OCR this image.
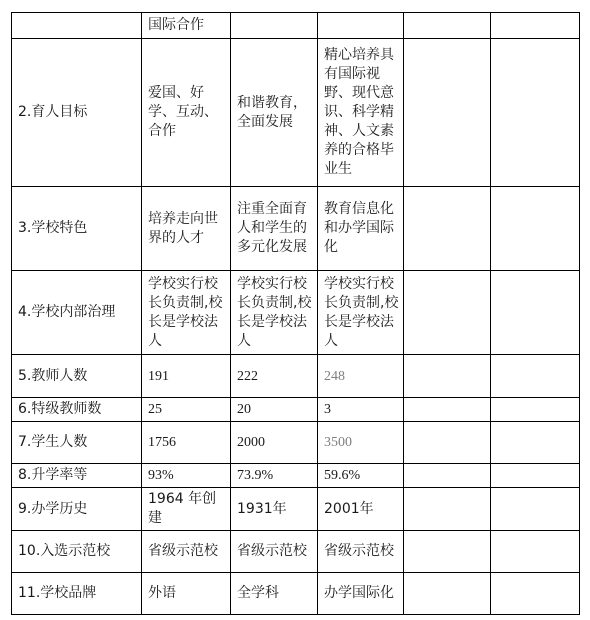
	国际合作				
2.育人目标	爱国、好学、互动、合作	和谐教育，全面发展	精心培养具有国际视野、现代意识、科学精神、人文素养的合格毕业生		
3.学校特色	培养走向世界的人才	注重全面育人和学生的多元化发展	教育信息化和办学国际化		
4.学校内部治理	学校实行校长负责制,校长是学校法人	学校实行校长负责制,校长是学校法人	学校实行校长负责制,校长是学校法人		
5.教师人数	191	222	248		
6.特级教师数	25	20	3		
7.学生人数	1756	2000	3500		
8.升学率等	93%	73.9%	59.6%		
9.办学历史	1964 年创建	1931年	2001年		
10.入选示范校	省级示范校	省级示范校	省级示范校		
11.学校品牌	外语	全学科	办学国际化		
